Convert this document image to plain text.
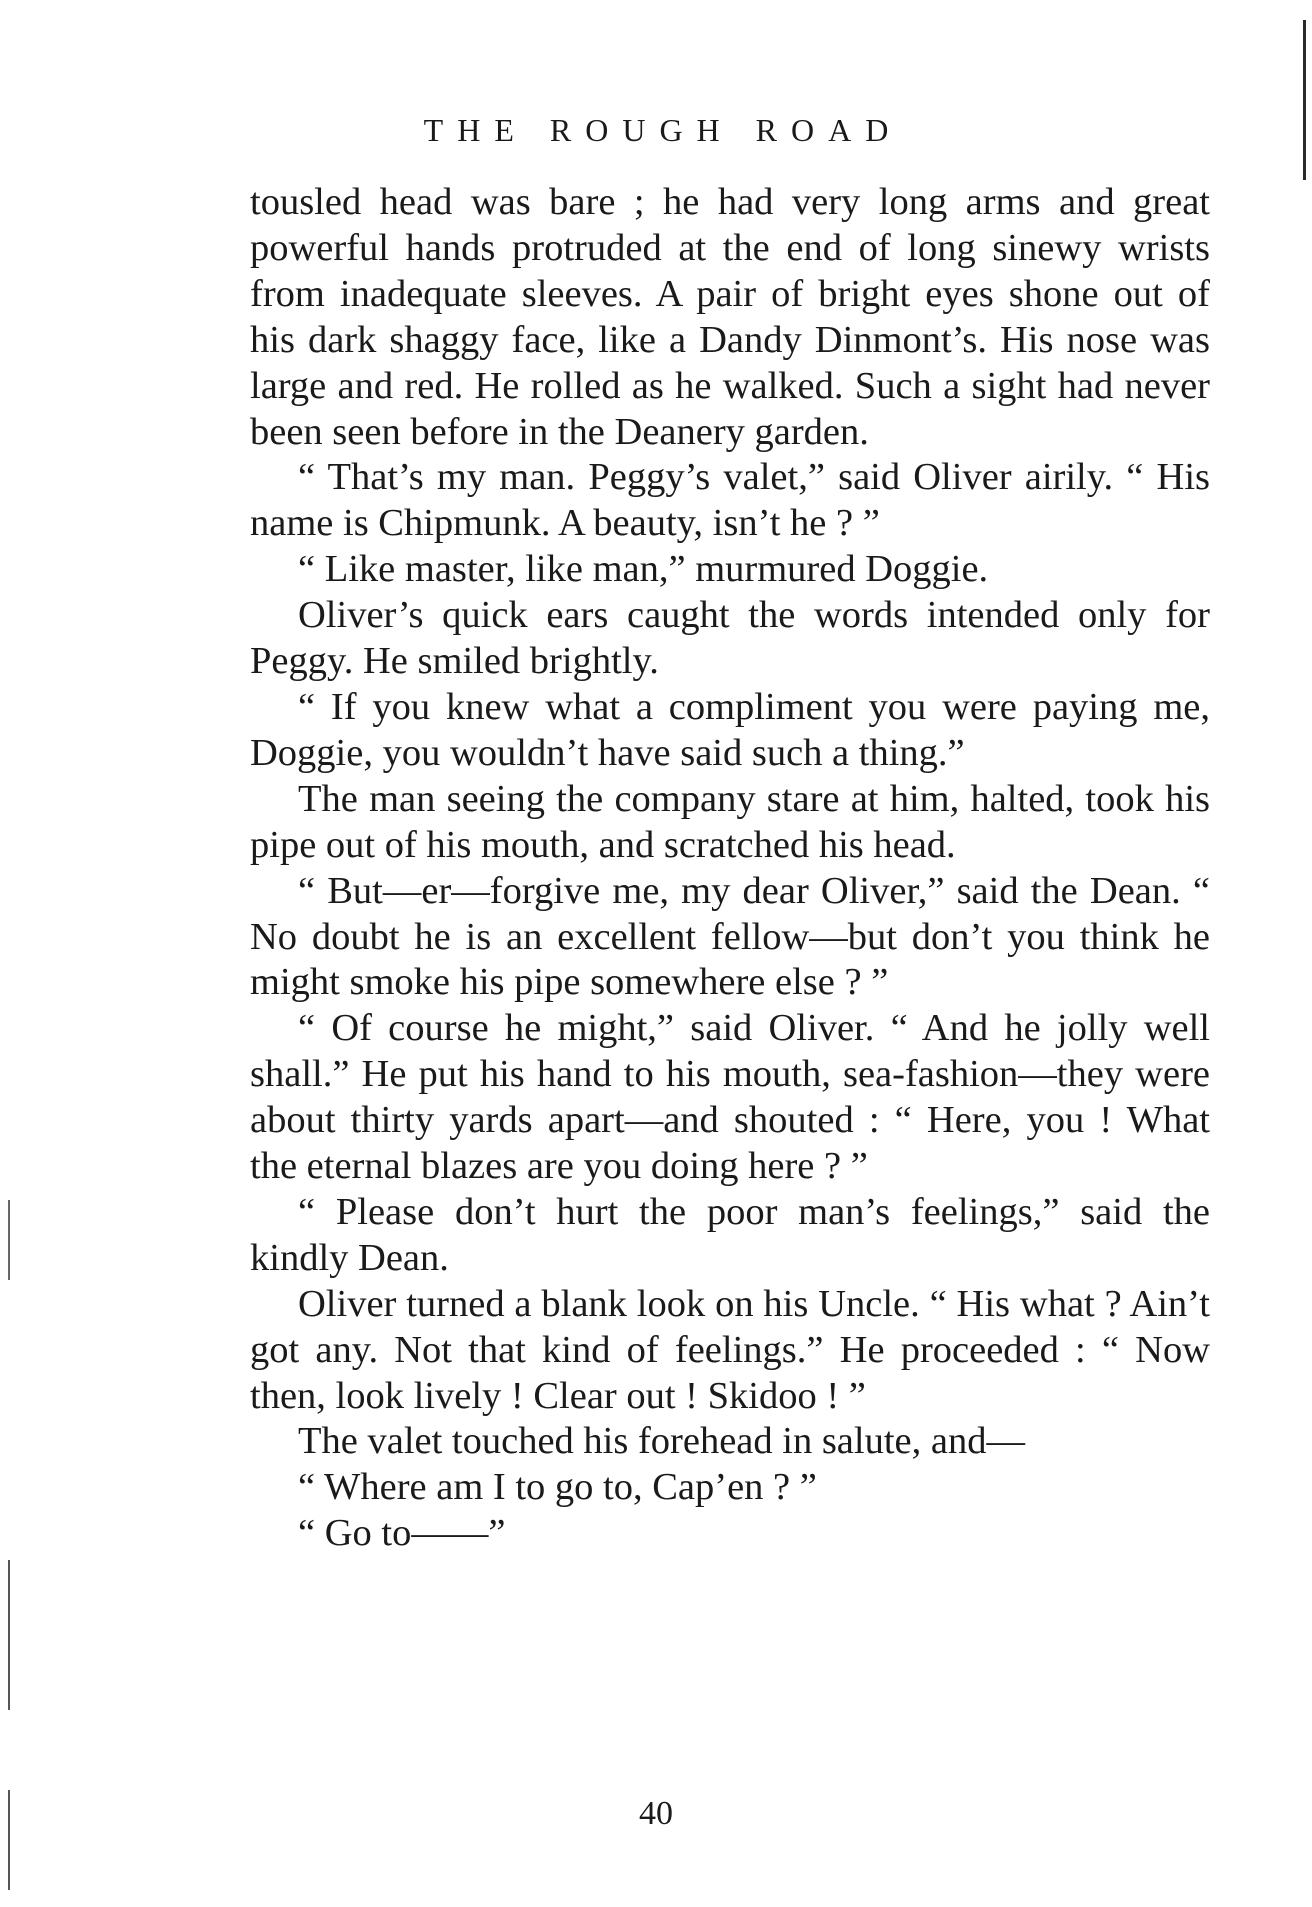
THE ROUGH ROAD

tousled head was bare ; he had very long arms and great powerful hands protruded at the end of long sinewy wrists from inadequate sleeves. A pair of bright eyes shone out of his dark shaggy face, like a Dandy Dinmont’s. His nose was large and red. He rolled as he walked. Such a sight had never been seen before in the Deanery garden.

“ That’s my man. Peggy’s valet,” said Oliver airily. “ His name is Chipmunk. A beauty, isn’t he ? ”

“ Like master, like man,” murmured Doggie.

Oliver’s quick ears caught the words intended only for Peggy. He smiled brightly.

“ If you knew what a compliment you were paying me, Doggie, you wouldn’t have said such a thing.”

The man seeing the company stare at him, halted, took his pipe out of his mouth, and scratched his head.

“ But—er—forgive me, my dear Oliver,” said the Dean. “ No doubt he is an excellent fellow—but don’t you think he might smoke his pipe somewhere else ? ”

“ Of course he might,” said Oliver. “ And he jolly well shall.” He put his hand to his mouth, sea-fashion—they were about thirty yards apart—and shouted : “ Here, you ! What the eternal blazes are you doing here ? ”

“ Please don’t hurt the poor man’s feelings,” said the kindly Dean.

Oliver turned a blank look on his Uncle. “ His what ? Ain’t got any. Not that kind of feelings.” He proceeded : “ Now then, look lively ! Clear out ! Skidoo ! ”

The valet touched his forehead in salute, and—

“ Where am I to go to, Cap’en ? ”

“ Go to——”

40
